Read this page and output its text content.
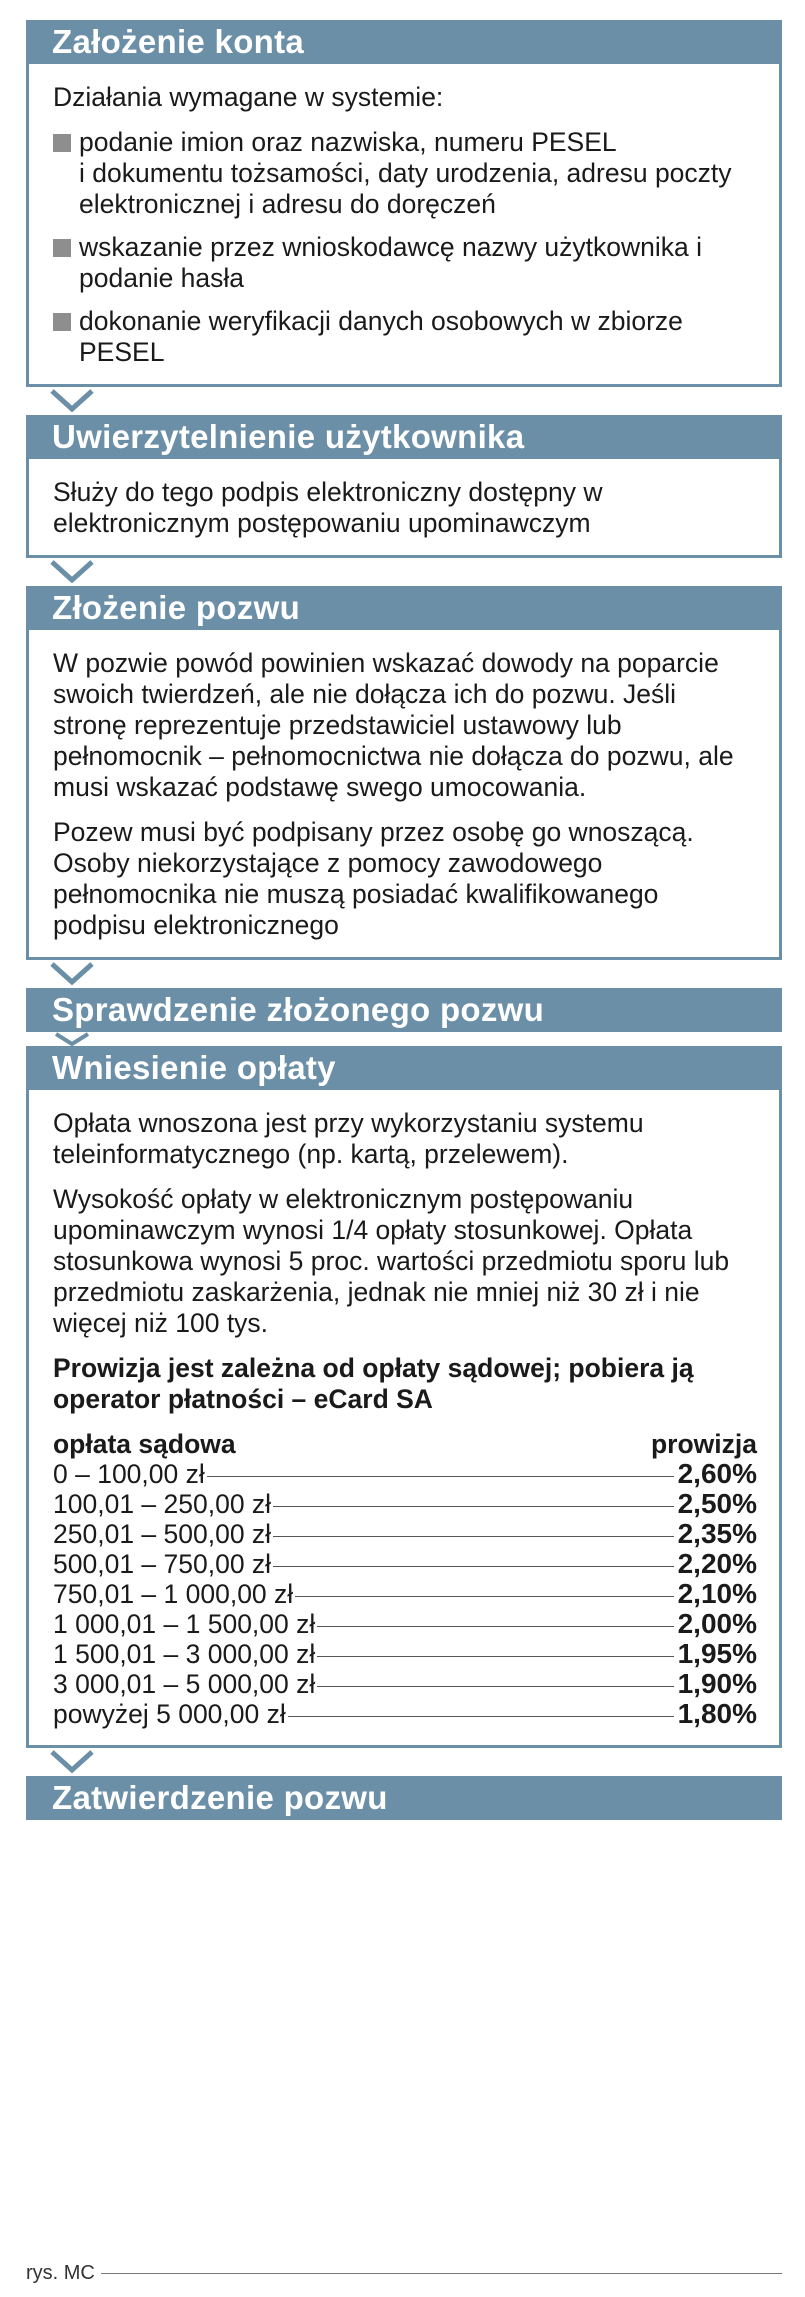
Założenie konta

Działania wymagane w systemie:

podanie imion oraz nazwiska, numeru PESEL
i dokumentu tożsamości, daty urodzenia, adresu poczty elektronicznej i adresu do doręczeń
wskazanie przez wnioskodawcę nazwy użytkownika i podanie hasła
dokonanie weryfikacji danych osobowych w zbiorze PESEL
Uwierzytelnienie użytkownika

Służy do tego podpis elektroniczny dostępny w elektronicznym postępowaniu upominawczym

Złożenie pozwu

W pozwie powód powinien wskazać dowody na poparcie swoich twierdzeń, ale nie dołącza ich do pozwu. Jeśli stronę reprezentuje przedstawiciel ustawowy lub pełnomocnik – pełnomocnictwa nie dołącza do pozwu, ale musi wskazać podstawę swego umocowania.

Pozew musi być podpisany przez osobę go wnoszącą. Osoby niekorzystające z pomocy zawodowego pełnomocnika nie muszą posiadać kwalifikowanego podpisu elektronicznego

Sprawdzenie złożonego pozwu
Wniesienie opłaty

Opłata wnoszona jest przy wykorzystaniu systemu teleinformatycznego (np. kartą, przelewem).

Wysokość opłaty w elektronicznym postępowaniu upominawczym wynosi 1/4 opłaty stosunkowej. Opłata stosunkowa wynosi 5 proc. wartości przedmiotu sporu lub przedmiotu zaskarżenia, jednak nie mniej niż 30 zł i nie więcej niż 100 tys.

Prowizja jest zależna od opłaty sądowej; pobiera ją operator płatności – eCard SA

opłata sądowa	prowizja
0 – 100,00 zł	2,60%
100,01 – 250,00 zł	2,50%
250,01 – 500,00 zł	2,35%
500,01 – 750,00 zł	2,20%
750,01 – 1 000,00 zł	2,10%
1 000,01 – 1 500,00 zł	2,00%
1 500,01 – 3 000,00 zł	1,95%
3 000,01 – 5 000,00 zł	1,90%
powyżej 5 000,00 zł	1,80%
Zatwierdzenie pozwu
rys. MC
